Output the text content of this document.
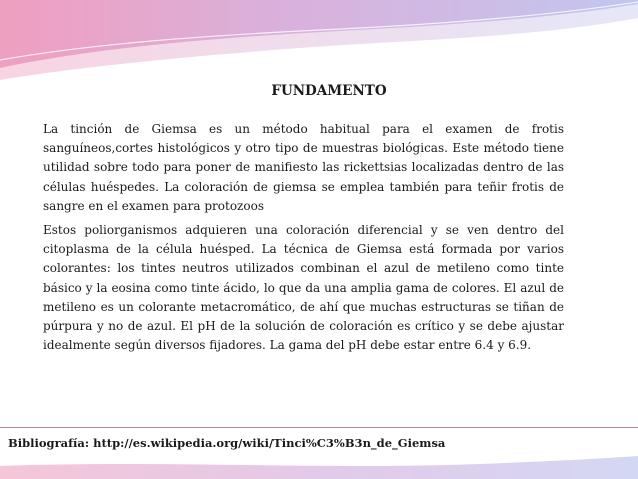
FUNDAMENTO

La tinción de Giemsa es un método habitual para el examen de frotis sanguíneos,cortes histológicos y otro tipo de muestras biológicas. Este método tiene utilidad sobre todo para poner de manifiesto las rickettsias localizadas dentro de las células huéspedes. La coloración de giemsa se emplea también para teñir frotis de sangre en el examen para protozoos

Estos poliorganismos adquieren una coloración diferencial y se ven dentro del citoplasma de la célula huésped. La técnica de Giemsa está formada por varios colorantes: los tintes neutros utilizados combinan el azul de metileno como tinte básico y la eosina como tinte ácido, lo que da una amplia gama de colores. El azul de metileno es un colorante metacromático, de ahí que muchas estructuras se tiñan de púrpura y no de azul. El pH de la solución de coloración es crítico y se debe ajustar idealmente según diversos fijadores. La gama del pH debe estar entre 6.4 y 6.9.

Bibliografía: http://es.wikipedia.org/wiki/Tinci%C3%B3n_de_Giemsa
